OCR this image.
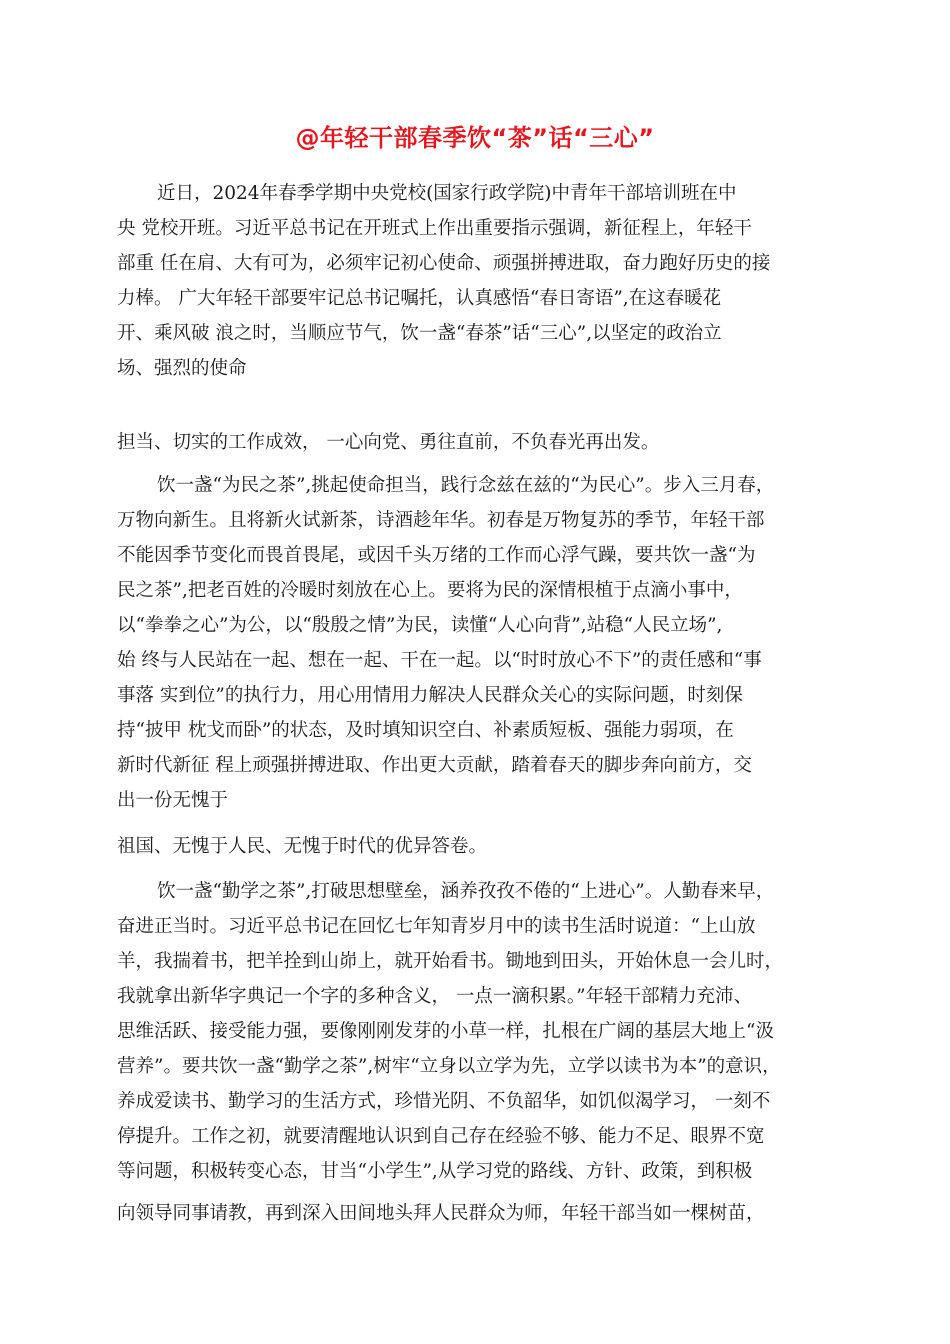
@年轻干部春季饮“茶”话“三心”
近日，2024年春季学期中央党校(国家行政学院)中青年干部培训班在中
央 党校开班。习近平总书记在开班式上作出重要指示强调，新征程上，年轻干
部重 任在肩、大有可为，必须牢记初心使命、顽强拼搏进取，奋力跑好历史的接
力棒。 广大年轻干部要牢记总书记嘱托，认真感悟“春日寄语”,在这春暖花
开、乘风破 浪之时，当顺应节气，饮一盏“春茶”话“三心”,以坚定的政治立
场、强烈的使命
担当、切实的工作成效， 一心向党、勇往直前，不负春光再出发。
饮一盏“为民之茶”,挑起使命担当，践行念兹在兹的“为民心”。步入三月春，
万物向新生。且将新火试新茶，诗酒趁年华。初春是万物复苏的季节，年轻干部
不能因季节变化而畏首畏尾，或因千头万绪的工作而心浮气躁，要共饮一盏“为
民之茶”,把老百姓的冷暖时刻放在心上。要将为民的深情根植于点滴小事中，
以“拳拳之心”为公，以“殷殷之情”为民，读懂“人心向背”,站稳“人民立场”,
始 终与人民站在一起、想在一起、干在一起。以“时时放心不下”的责任感和“事
事落 实到位”的执行力，用心用情用力解决人民群众关心的实际问题，时刻保
持“披甲 枕戈而卧”的状态，及时填知识空白、补素质短板、强能力弱项，在
新时代新征 程上顽强拼搏进取、作出更大贡献，踏着春天的脚步奔向前方，交
出一份无愧于
祖国、无愧于人民、无愧于时代的优异答卷。
饮一盏“勤学之茶”,打破思想壁垒，涵养孜孜不倦的“上进心”。人勤春来早，
奋进正当时。习近平总书记在回忆七年知青岁月中的读书生活时说道：“上山放
羊，我揣着书，把羊拴到山峁上，就开始看书。锄地到田头，开始休息一会儿时，
我就拿出新华字典记一个字的多种含义， 一点一滴积累。”年轻干部精力充沛、
思维活跃、接受能力强，要像刚刚发芽的小草一样，扎根在广阔的基层大地上“汲
营养”。要共饮一盏“勤学之茶”,树牢“立身以立学为先，立学以读书为本”的意识，
养成爱读书、勤学习的生活方式，珍惜光阴、不负韶华，如饥似渴学习， 一刻不
停提升。工作之初，就要清醒地认识到自己存在经验不够、能力不足、眼界不宽
等问题，积极转变心态，甘当“小学生”,从学习党的路线、方针、政策，到积极
向领导同事请教，再到深入田间地头拜人民群众为师，年轻干部当如一棵树苗，
